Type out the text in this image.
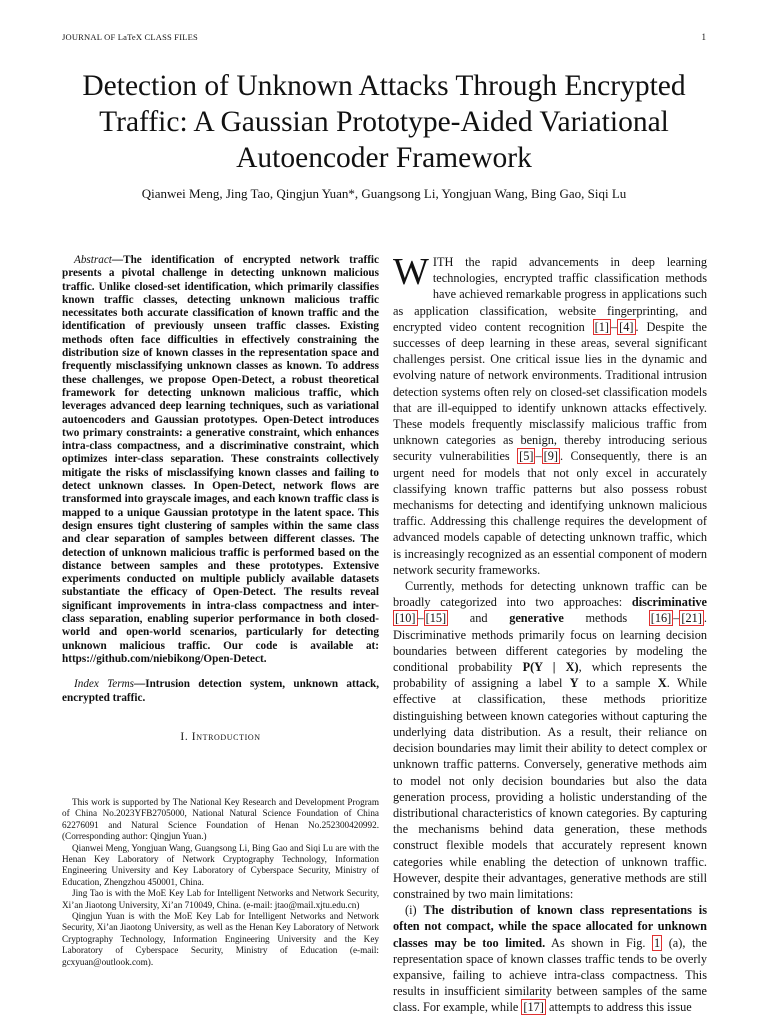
JOURNAL OF LaTeX CLASS FILES	1
Detection of Unknown Attacks Through Encrypted Traffic: A Gaussian Prototype-Aided Variational Autoencoder Framework
Qianwei Meng, Jing Tao, Qingjun Yuan*, Guangsong Li, Yongjuan Wang, Bing Gao, Siqi Lu

Abstract—The identification of encrypted network traffic presents a pivotal challenge in detecting unknown malicious traffic. Unlike closed-set identification, which primarily classifies known traffic classes, detecting unknown malicious traffic necessitates both accurate classification of known traffic and the identification of previously unseen traffic classes. Existing methods often face difficulties in effectively constraining the distribution size of known classes in the representation space and frequently misclassifying unknown classes as known. To address these challenges, we propose Open-Detect, a robust theoretical framework for detecting unknown malicious traffic, which leverages advanced deep learning techniques, such as variational autoencoders and Gaussian prototypes. Open-Detect introduces two primary constraints: a generative constraint, which enhances intra-class compactness, and a discriminative constraint, which optimizes inter-class separation. These constraints collectively mitigate the risks of misclassifying known classes and failing to detect unknown classes. In Open-Detect, network flows are transformed into grayscale images, and each known traffic class is mapped to a unique Gaussian prototype in the latent space. This design ensures tight clustering of samples within the same class and clear separation of samples between different classes. The detection of unknown malicious traffic is performed based on the distance between samples and these prototypes. Extensive experiments conducted on multiple publicly available datasets substantiate the efficacy of Open-Detect. The results reveal significant improvements in intra-class compactness and inter-class separation, enabling superior performance in both closed-world and open-world scenarios, particularly for detecting unknown malicious traffic. Our code is available at: https://github.com/niebikong/Open-Detect.

Index Terms—Intrusion detection system, unknown attack, encrypted traffic.

I. Introduction

This work is supported by The National Key Research and Development Program of China No.2023YFB2705000, National Natural Science Foundation of China 62276091 and Natural Science Foundation of Henan No.252300420992. (Corresponding author: Qingjun Yuan.)

Qianwei Meng, Yongjuan Wang, Guangsong Li, Bing Gao and Siqi Lu are with the Henan Key Laboratory of Network Cryptography Technology, Information Engineering University and Key Laboratory of Cyberspace Security, Ministry of Education, Zhengzhou 450001, China.

Jing Tao is with the MoE Key Lab for Intelligent Networks and Network Security, Xi’an Jiaotong University, Xi’an 710049, China. (e-mail: jtao@mail.xjtu.edu.cn)

Qingjun Yuan is with the MoE Key Lab for Intelligent Networks and Network Security, Xi’an Jiaotong University, as well as the Henan Key Laboratory of Network Cryptography Technology, Information Engineering University and the Key Laboratory of Cyberspace Security, Ministry of Education (e-mail: gcxyuan@outlook.com).

WITH the rapid advancements in deep learning technologies, encrypted traffic classification methods have achieved remarkable progress in applications such as application classification, website fingerprinting, and encrypted video content recognition [1] – [4] . Despite the successes of deep learning in these areas, several significant challenges persist. One critical issue lies in the dynamic and evolving nature of network environments. Traditional intrusion detection systems often rely on closed-set classification models that are ill-equipped to identify unknown attacks effectively. These models frequently misclassify malicious traffic from unknown categories as benign, thereby introducing serious security vulnerabilities [5] – [9] . Consequently, there is an urgent need for models that not only excel in accurately classifying known traffic patterns but also possess robust mechanisms for detecting and identifying unknown malicious traffic. Addressing this challenge requires the development of advanced models capable of detecting unknown traffic, which is increasingly recognized as an essential component of modern network security frameworks.

Currently, methods for detecting unknown traffic can be broadly categorized into two approaches: discriminative [10] – [15] and generative methods [16] – [21] . Discriminative methods primarily focus on learning decision boundaries between different categories by modeling the conditional probability P(Y | X), which represents the probability of assigning a label Y to a sample X. While effective at classification, these methods prioritize distinguishing between known categories without capturing the underlying data distribution. As a result, their reliance on decision boundaries may limit their ability to detect complex or unknown traffic patterns. Conversely, generative methods aim to model not only decision boundaries but also the data generation process, providing a holistic understanding of the distributional characteristics of known categories. By capturing the mechanisms behind data generation, these methods construct flexible models that accurately represent known categories while enabling the detection of unknown traffic. However, despite their advantages, generative methods are still constrained by two main limitations:

(i) The distribution of known class representations is often not compact, while the space allocated for unknown classes may be too limited. As shown in Fig. 1 (a), the representation space of known classes traffic tends to be overly expansive, failing to achieve intra-class compactness. This results in insufficient similarity between samples of the same class. For example, while [17] attempts to address this issue
